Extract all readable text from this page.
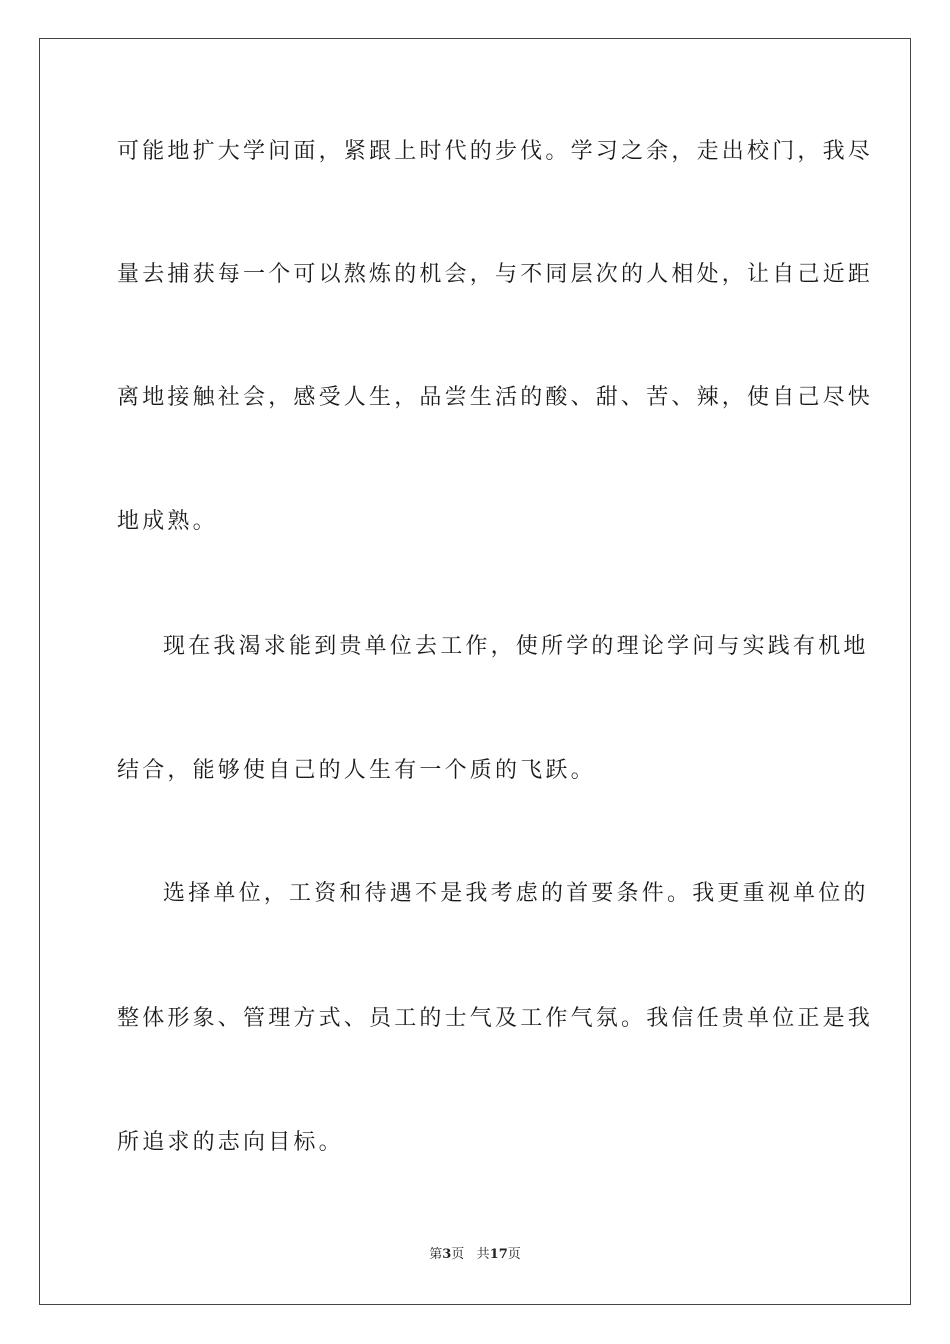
可能地扩大学问面，紧跟上时代的步伐。学习之余，走出校门，我尽
量去捕获每一个可以熬炼的机会，与不同层次的人相处，让自己近距
离地接触社会，感受人生，品尝生活的酸、甜、苦、辣，使自己尽快
地成熟。
现在我渴求能到贵单位去工作，使所学的理论学问与实践有机地
结合，能够使自己的人生有一个质的飞跃。
选择单位，工资和待遇不是我考虑的首要条件。我更重视单位的
整体形象、管理方式、员工的士气及工作气氛。我信任贵单位正是我
所追求的志向目标。
第3页 共17页
